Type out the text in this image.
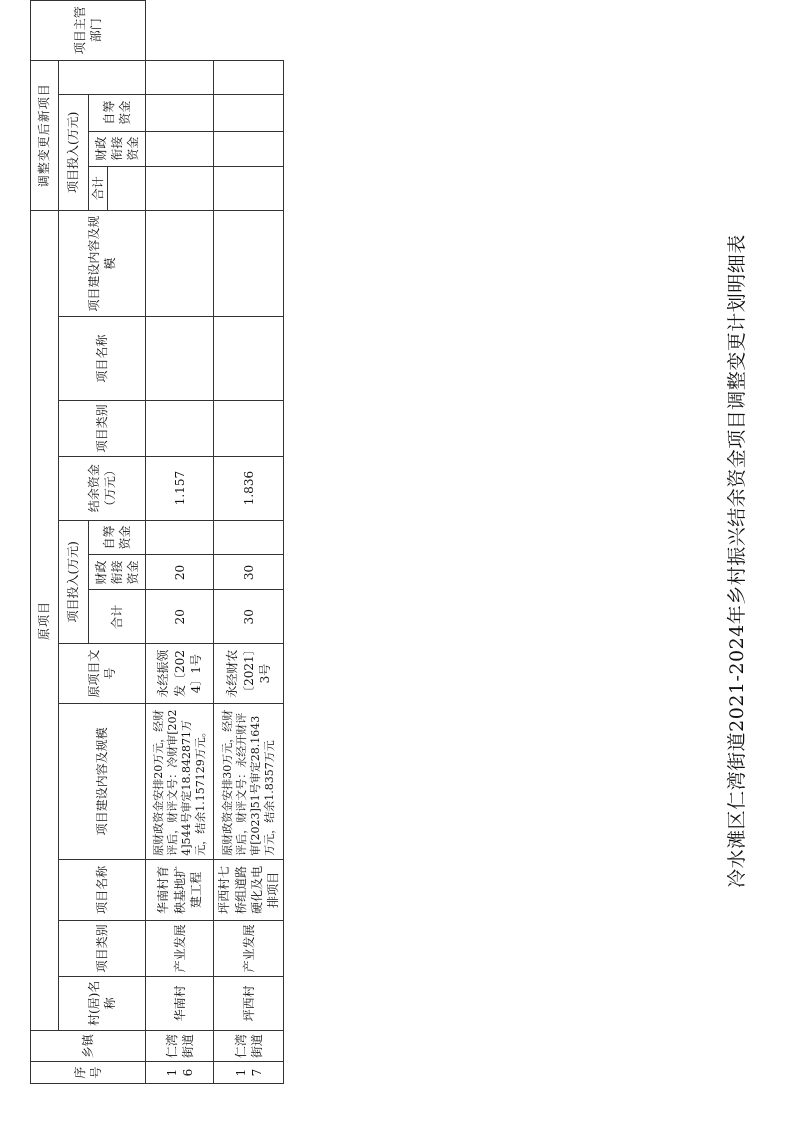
冷水滩区仁湾街道2021-2024年乡村振兴结余资金项目调整变更计划明细表
序号	乡镇	原项目												调整变更后新项目				项目主管部门
		村(居)名称	项目类别	项目名称	项目建设内容及规模	原项目文号	项目投入(万元)			结余资金（万元）	项目类别	项目名称	项目建设内容及规模	项目投入(万元)				
							合计	财政衔接资金	自筹资金					合计	财政衔接资金	自筹资金		

16	仁湾街道	华南村	产业发展	华南村育秧基地扩建工程	原财政资金安排20万元，经财评后，财评文号：冷财审[2024]544号审定18.842871万元，结余1.157129万元。	永经振领发〔2024〕1号	20	20		1.157								
17	仁湾街道	坪西村	产业发展	坪西村七桥组道路硬化及电排项目	原财政资金安排30万元，经财评后，财评文号：永经开财评审[2023]51号审定28.1643万元，结余1.8357万元	永经财农〔2021〕3号	30	30		1.836								
